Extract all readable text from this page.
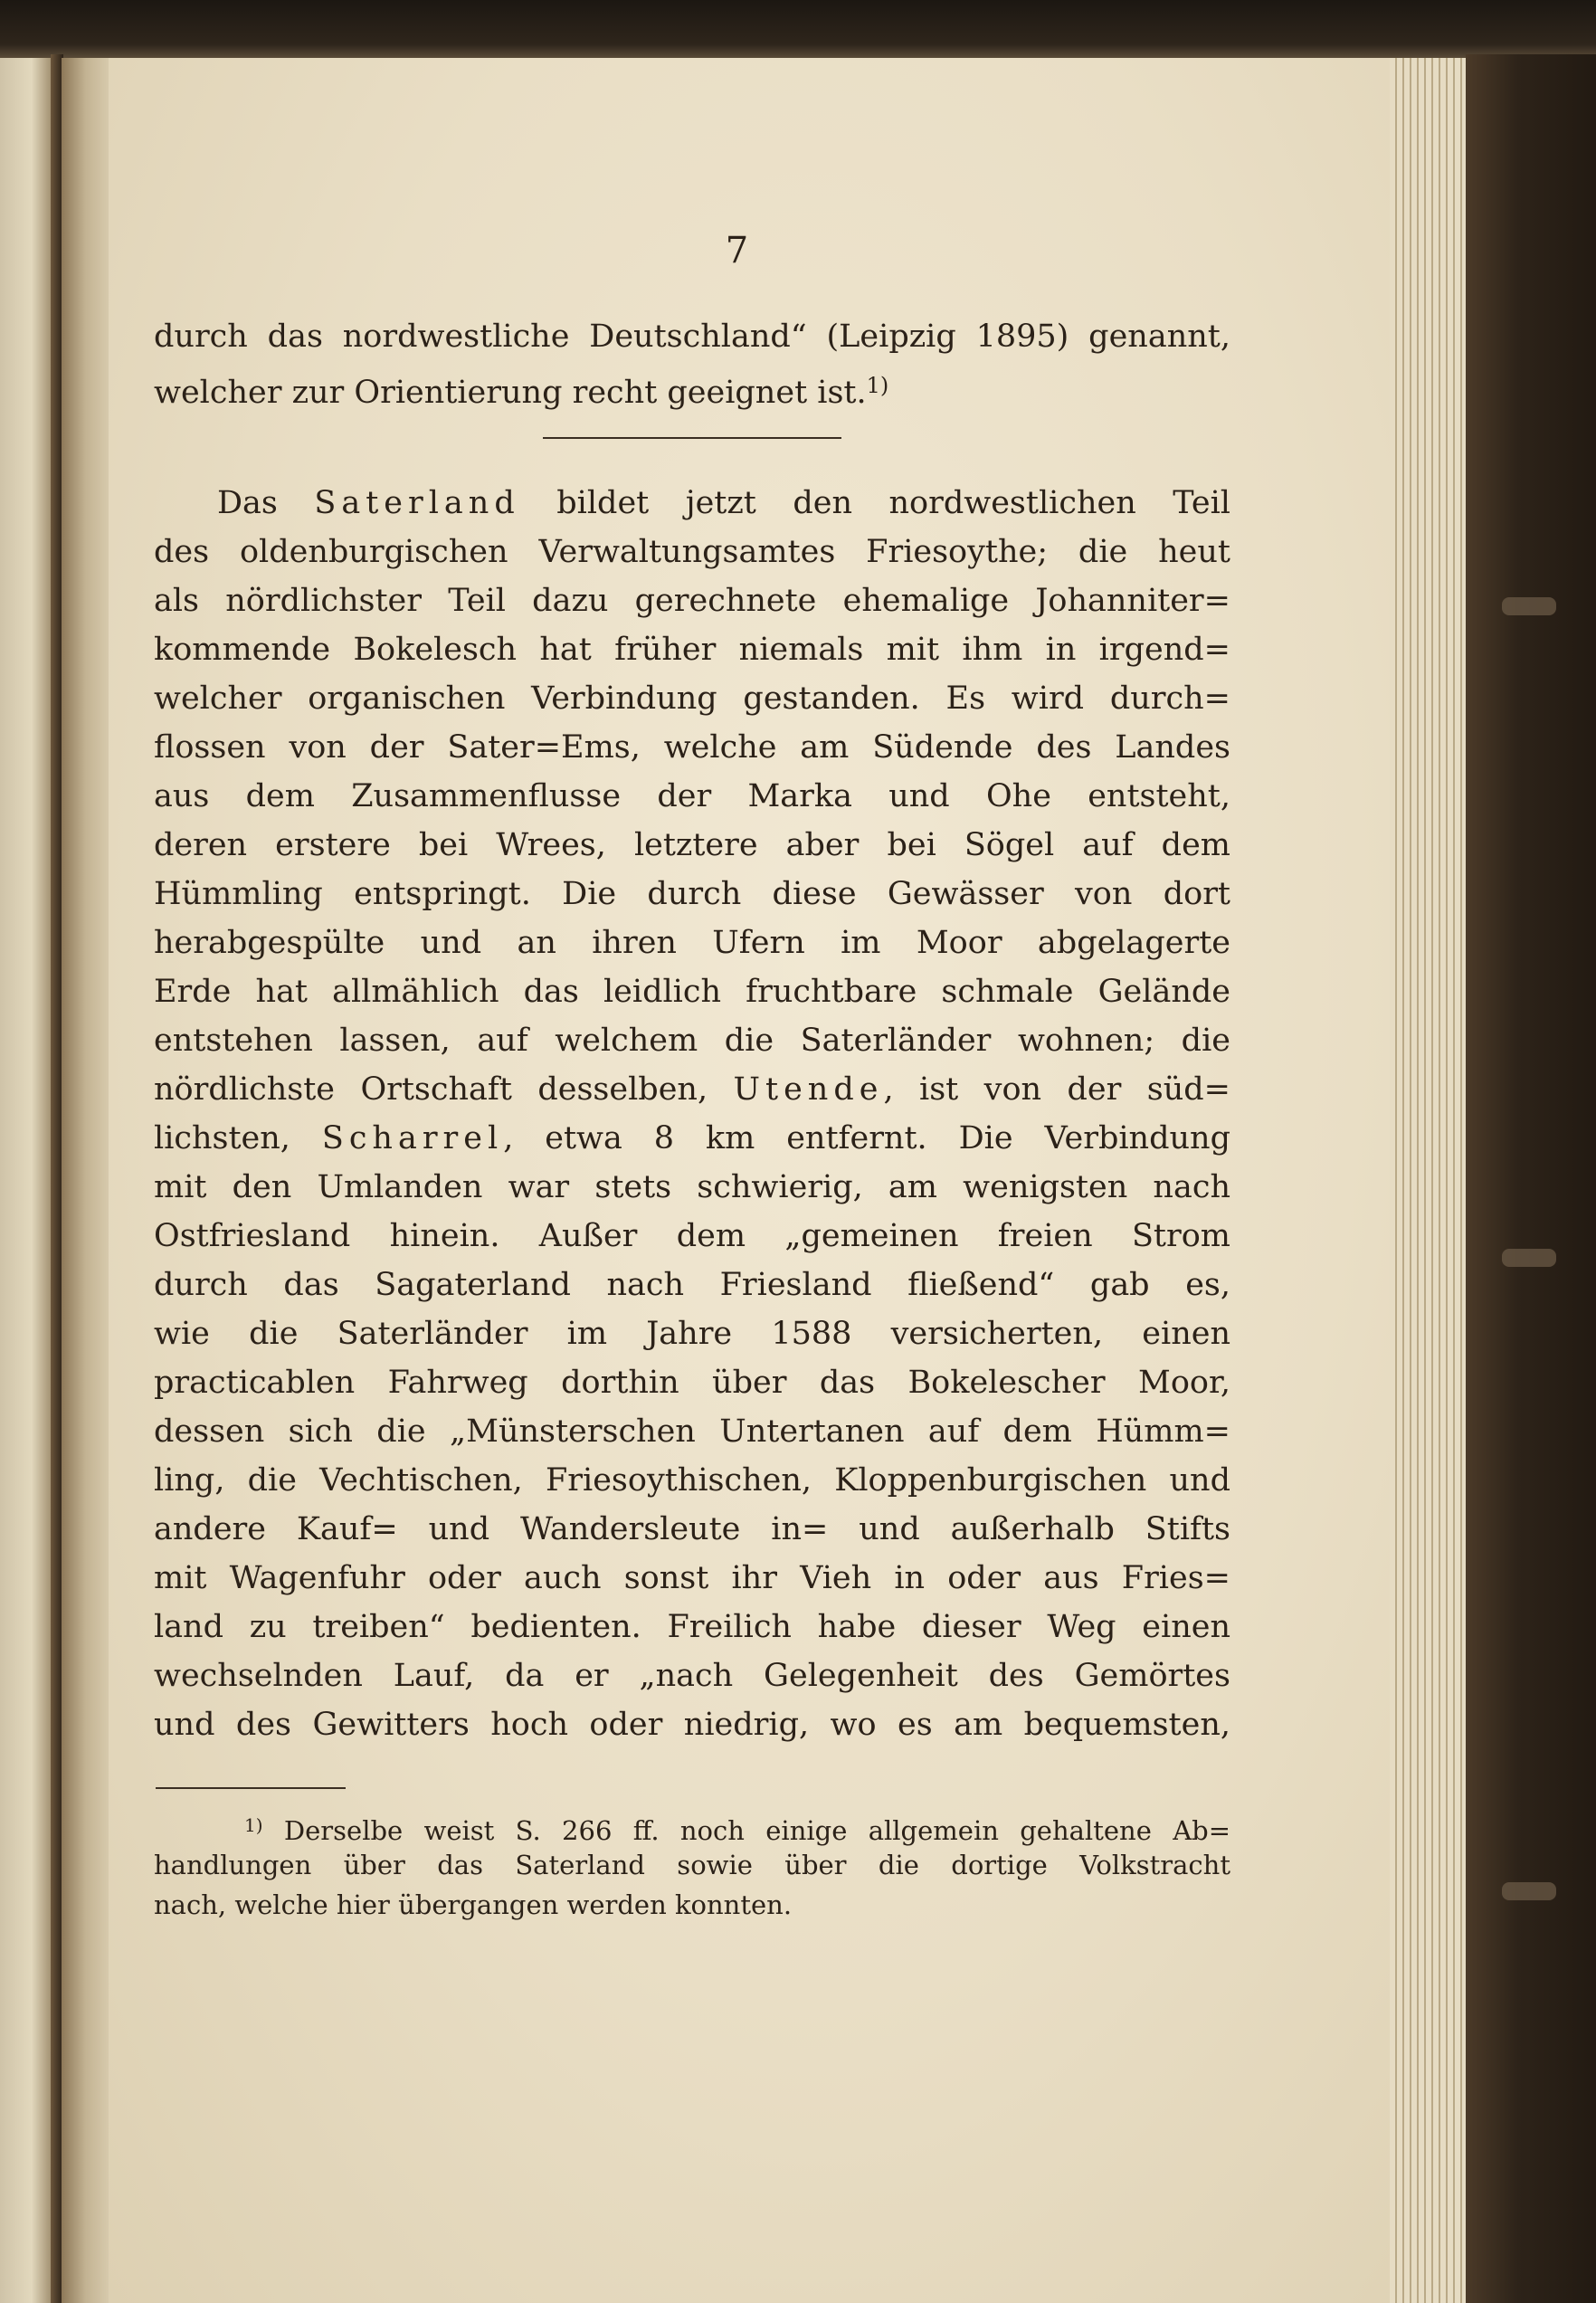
7
durch das nordwestliche Deutschland“ (Leipzig 1895) genannt,
welcher zur Orientierung recht geeignet ist.$^{1)}$
Das Saterland bildet jetzt den nordwestlichen Teil
des oldenburgischen Verwaltungsamtes Friesoythe; die heut
als nördlichster Teil dazu gerechnete ehemalige Johanniter=
kommende Bokelesch hat früher niemals mit ihm in irgend=
welcher organischen Verbindung gestanden. Es wird durch=
flossen von der Sater=Ems, welche am Südende des Landes
aus dem Zusammenflusse der Marka und Ohe entsteht,
deren erstere bei Wrees, letztere aber bei Sögel auf dem
Hümmling entspringt. Die durch diese Gewässer von dort
herabgespülte und an ihren Ufern im Moor abgelagerte
Erde hat allmählich das leidlich fruchtbare schmale Gelände
entstehen lassen, auf welchem die Saterländer wohnen; die
nördlichste Ortschaft desselben, Utende, ist von der süd=
lichsten, Scharrel, etwa 8 km entfernt. Die Verbindung
mit den Umlanden war stets schwierig, am wenigsten nach
Ostfriesland hinein. Außer dem „gemeinen freien Strom
durch das Sagaterland nach Friesland fließend“ gab es,
wie die Saterländer im Jahre 1588 versicherten, einen
practicablen Fahrweg dorthin über das Bokelescher Moor,
dessen sich die „Münsterschen Untertanen auf dem Hümm=
ling, die Vechtischen, Friesoythischen, Kloppenburgischen und
andere Kauf= und Wandersleute in= und außerhalb Stifts
mit Wagenfuhr oder auch sonst ihr Vieh in oder aus Fries=
land zu treiben“ bedienten. Freilich habe dieser Weg einen
wechselnden Lauf, da er „nach Gelegenheit des Gemörtes
und des Gewitters hoch oder niedrig, wo es am bequemsten,
$^{1)}$ Derselbe weist S. 266 ff. noch einige allgemein gehaltene Ab=
handlungen über das Saterland sowie über die dortige Volkstracht
nach, welche hier übergangen werden konnten.
